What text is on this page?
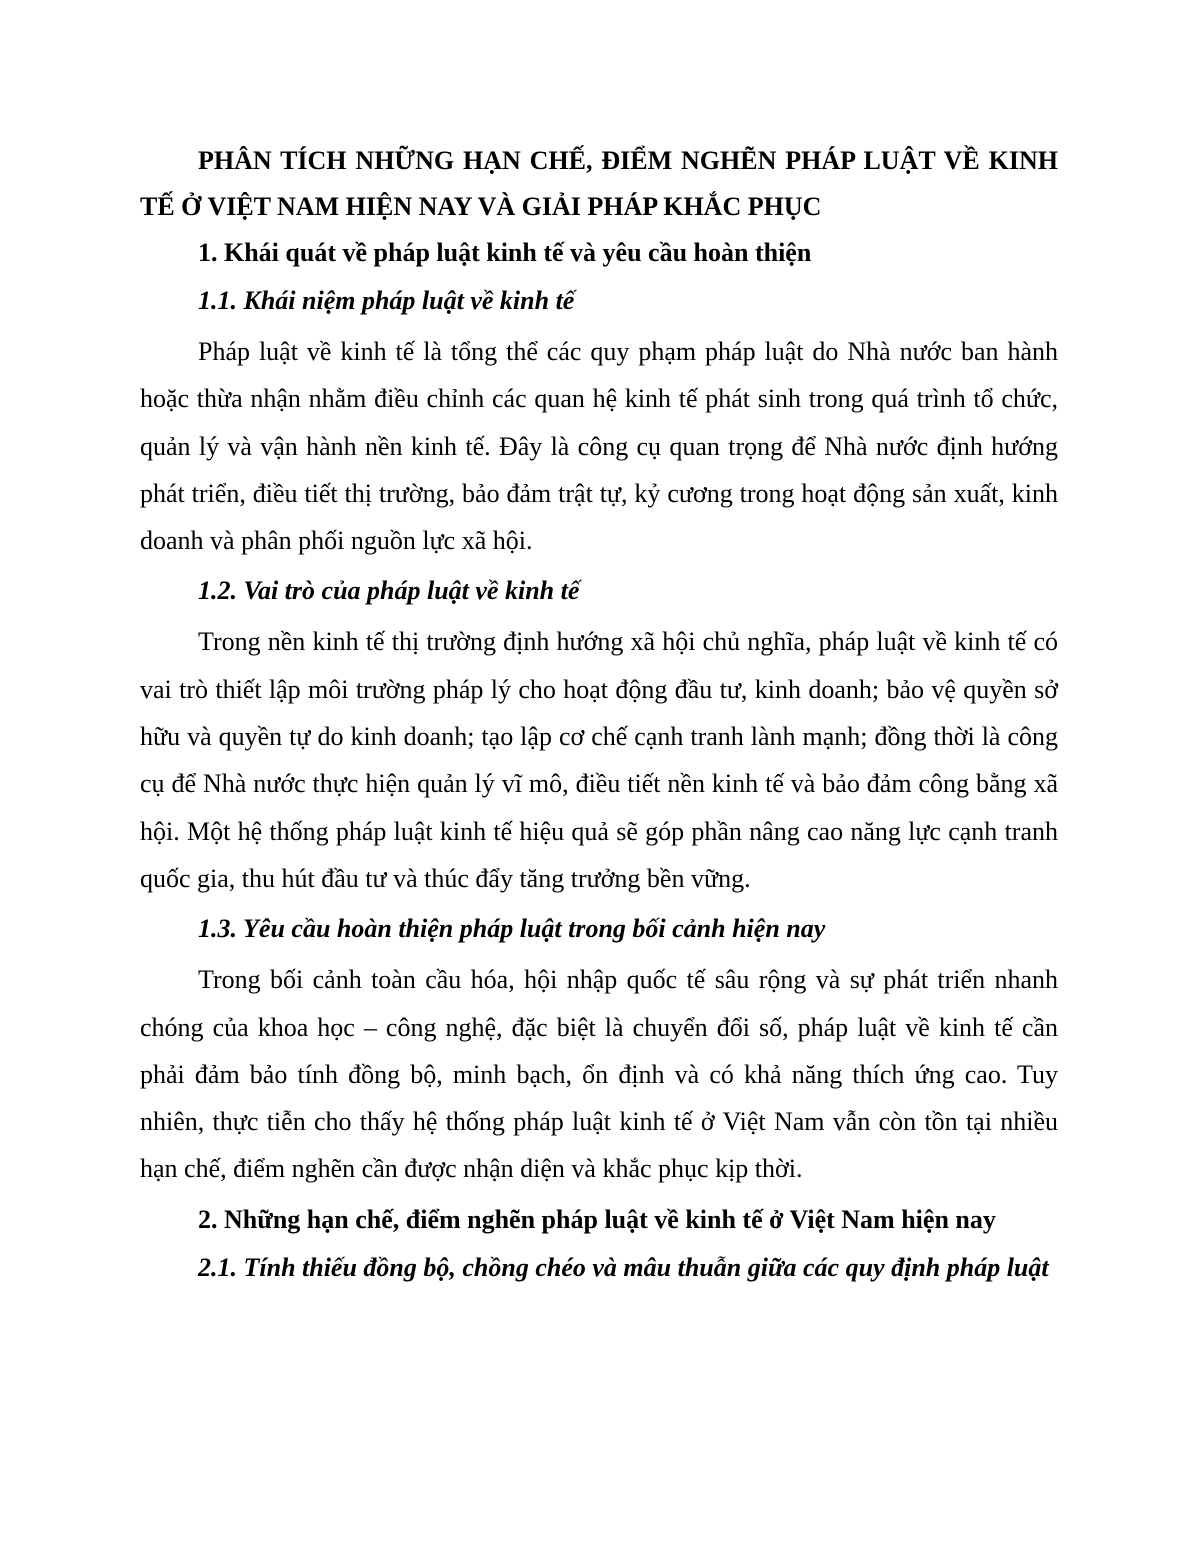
PHÂN TÍCH NHỮNG HẠN CHẾ, ĐIỂM NGHẼN PHÁP LUẬT VỀ KINH TẾ Ở VIỆT NAM HIỆN NAY VÀ GIẢI PHÁP KHẮC PHỤC

1. Khái quát về pháp luật kinh tế và yêu cầu hoàn thiện

1.1. Khái niệm pháp luật về kinh tế

Pháp luật về kinh tế là tổng thể các quy phạm pháp luật do Nhà nước ban hành hoặc thừa nhận nhằm điều chỉnh các quan hệ kinh tế phát sinh trong quá trình tổ chức, quản lý và vận hành nền kinh tế. Đây là công cụ quan trọng để Nhà nước định hướng phát triển, điều tiết thị trường, bảo đảm trật tự, kỷ cương trong hoạt động sản xuất, kinh doanh và phân phối nguồn lực xã hội.

1.2. Vai trò của pháp luật về kinh tế

Trong nền kinh tế thị trường định hướng xã hội chủ nghĩa, pháp luật về kinh tế có vai trò thiết lập môi trường pháp lý cho hoạt động đầu tư, kinh doanh; bảo vệ quyền sở hữu và quyền tự do kinh doanh; tạo lập cơ chế cạnh tranh lành mạnh; đồng thời là công cụ để Nhà nước thực hiện quản lý vĩ mô, điều tiết nền kinh tế và bảo đảm công bằng xã hội. Một hệ thống pháp luật kinh tế hiệu quả sẽ góp phần nâng cao năng lực cạnh tranh quốc gia, thu hút đầu tư và thúc đẩy tăng trưởng bền vững.

1.3. Yêu cầu hoàn thiện pháp luật trong bối cảnh hiện nay

Trong bối cảnh toàn cầu hóa, hội nhập quốc tế sâu rộng và sự phát triển nhanh chóng của khoa học – công nghệ, đặc biệt là chuyển đổi số, pháp luật về kinh tế cần phải đảm bảo tính đồng bộ, minh bạch, ổn định và có khả năng thích ứng cao. Tuy nhiên, thực tiễn cho thấy hệ thống pháp luật kinh tế ở Việt Nam vẫn còn tồn tại nhiều hạn chế, điểm nghẽn cần được nhận diện và khắc phục kịp thời.

2. Những hạn chế, điểm nghẽn pháp luật về kinh tế ở Việt Nam hiện nay

2.1. Tính thiếu đồng bộ, chồng chéo và mâu thuẫn giữa các quy định pháp luật
